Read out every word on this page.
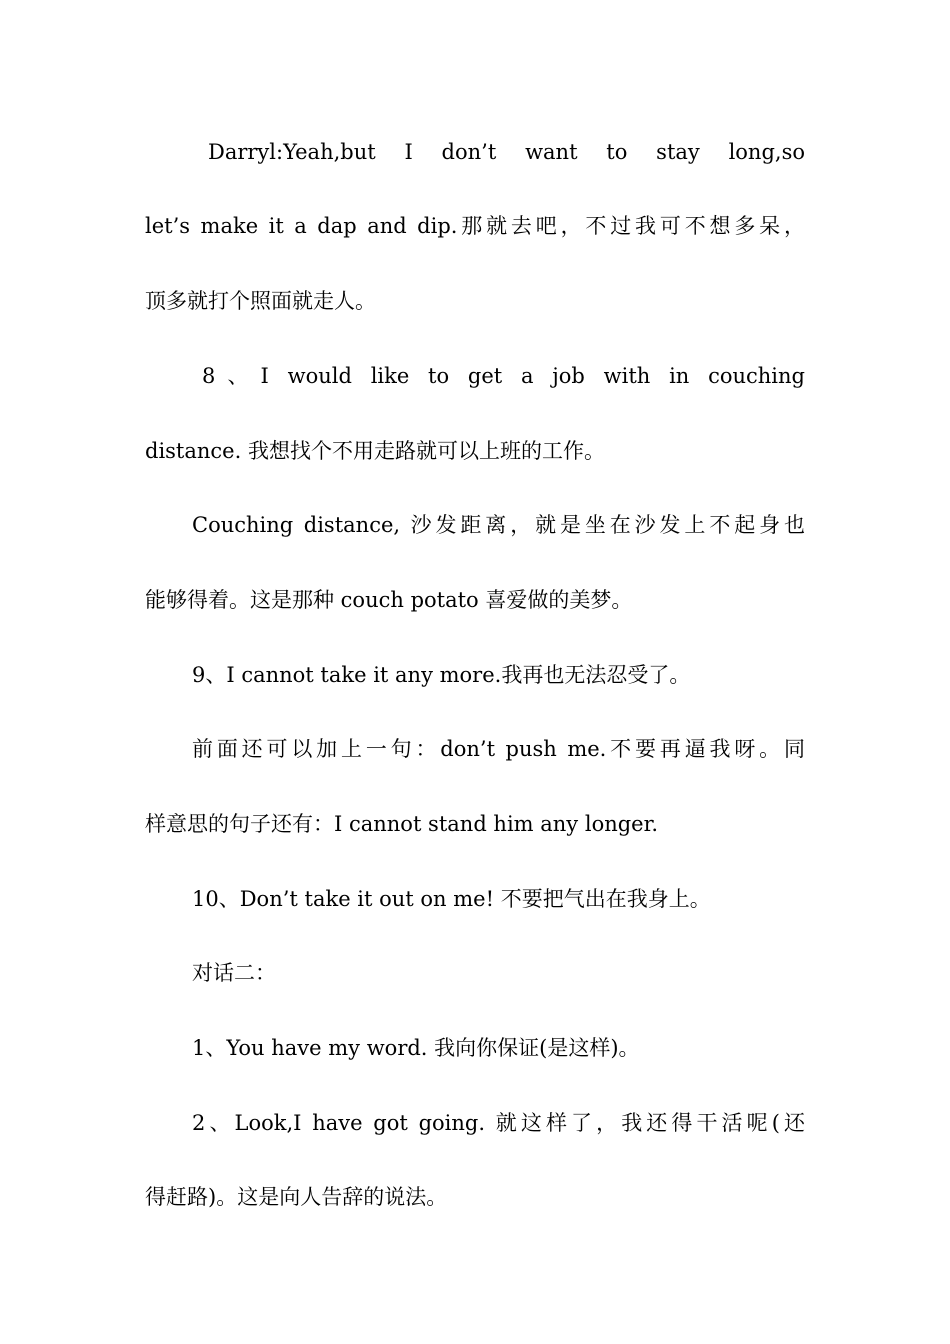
Darryl:Yeah,but I don’t want to stay long,so
let’s make it a dap and dip.那就去吧，不过我可不想多呆，
顶多就打个照面就走人。
8、I would like to get a job with in couching
distance. 我想找个不用走路就可以上班的工作。
Couching distance, 沙发距离，就是坐在沙发上不起身也
能够得着。这是那种 couch potato 喜爱做的美梦。
9、I cannot take it any more.我再也无法忍受了。
前面还可以加上一句：don’t push me.不要再逼我呀。同
样意思的句子还有：I cannot stand him any longer.
10、Don’t take it out on me! 不要把气出在我身上。
对话二：
1、You have my word. 我向你保证(是这样)。
2、Look,I have got going. 就这样了，我还得干活呢(还
得赶路)。这是向人告辞的说法。
